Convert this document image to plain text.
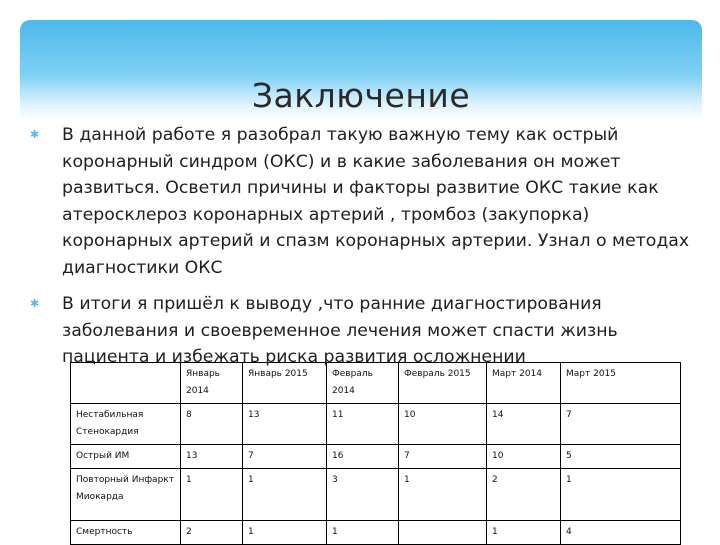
Заключение
✱ В данной работе я разобрал такую важную тему как острый коронарный синдром (ОКС) и в какие заболевания он может развиться. Осветил причины и факторы развитие ОКС такие как атеросклероз коронарных артерий , тромбоз (закупорка) коронарных артерий и спазм коронарных артерии. Узнал о методах диагностики ОКС
✱ В итоги я пришёл к выводу ,что ранние диагностирования заболевания и своевременное лечения может спасти жизнь пациента и избежать риска развития осложнении
	Январь 2014	Январь 2015	Февраль 2014	Февраль 2015	Март 2014	Март 2015
Нестабильная Стенокардия	8	13	11	10	14	7
Острый ИМ	13	7	16	7	10	5
Повторный Инфаркт Миокарда	1	1	3	1	2	1
Смертность	2	1	1		1	4
